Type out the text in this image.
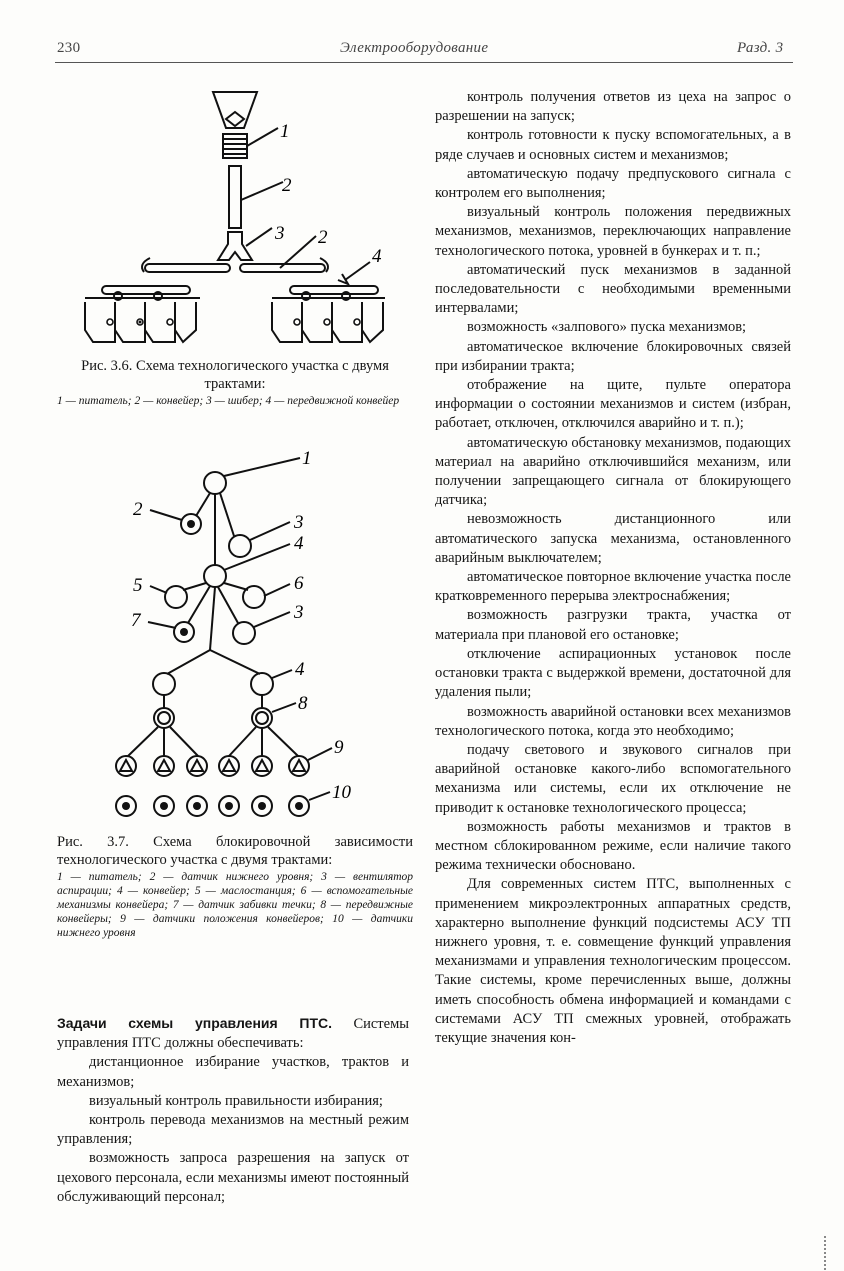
230	Электрооборудование	Разд. 3
1
2
3 2
4
Рис. 3.6. Схема технологического участка с двумя трактами:
1 — питатель; 2 — конвейер; 3 — шибер; 4 — передвижной конвейер
1
2
3
4
5	6
7	3
4
8
9
10
Рис. 3.7. Схема блокировочной зависимости технологического участка с двумя трактами:
1 — питатель; 2 — датчик нижнего уровня; 3 — вентилятор аспирации; 4 — конвейер; 5 — маслостанция; 6 — вспомогательные механизмы конвейера; 7 — датчик забивки течки; 8 — передвижные конвейеры; 9 — датчики положения конвейеров; 10 — датчики нижнего уровня

Задачи схемы управления ПТС. Системы управления ПТС должны обеспечивать:

дистанционное избирание участков, трактов и механизмов;

визуальный контроль правильности избирания;

контроль перевода механизмов на местный режим управления;

возможность запроса разрешения на запуск от цехового персонала, если механизмы имеют постоянный обслуживающий персонал;

контроль получения ответов из цеха на запрос о разрешении на запуск;

контроль готовности к пуску вспомогательных, а в ряде случаев и основных систем и механизмов;

автоматическую подачу предпускового сигнала с контролем его выполнения;

визуальный контроль положения передвижных механизмов, механизмов, переключающих направление технологического потока, уровней в бункерах и т. п.;

автоматический пуск механизмов в заданной последовательности с необходимыми временными интервалами;

возможность «залпового» пуска механизмов;

автоматическое включение блокировочных связей при избирании тракта;

отображение на щите, пульте оператора информации о состоянии механизмов и систем (избран, работает, отключен, отключился аварийно и т. п.);

автоматическую обстановку механизмов, подающих материал на аварийно отключившийся механизм, или получении запрещающего сигнала от блокирующего датчика;

невозможность дистанционного или автоматического запуска механизма, остановленного аварийным выключателем;

автоматическое повторное включение участка после кратковременного перерыва электроснабжения;

возможность разгрузки тракта, участка от материала при плановой его остановке;

отключение аспирационных установок после остановки тракта с выдержкой времени, достаточной для удаления пыли;

возможность аварийной остановки всех механизмов технологического потока, когда это необходимо;

подачу светового и звукового сигналов при аварийной остановке какого-либо вспомогательного механизма или системы, если их отключение не приводит к остановке технологического процесса;

возможность работы механизмов и трактов в местном сблокированном режиме, если наличие такого режима технически обосновано.

Для современных систем ПТС, выполненных с применением микроэлектронных аппаратных средств, характерно выполнение функций подсистемы АСУ ТП нижнего уровня, т. е. совмещение функций управления механизмами и управления технологическим процессом. Такие системы, кроме перечисленных выше, должны иметь способность обмена информацией и командами с системами АСУ ТП смежных уровней, отображать текущие значения кон-
